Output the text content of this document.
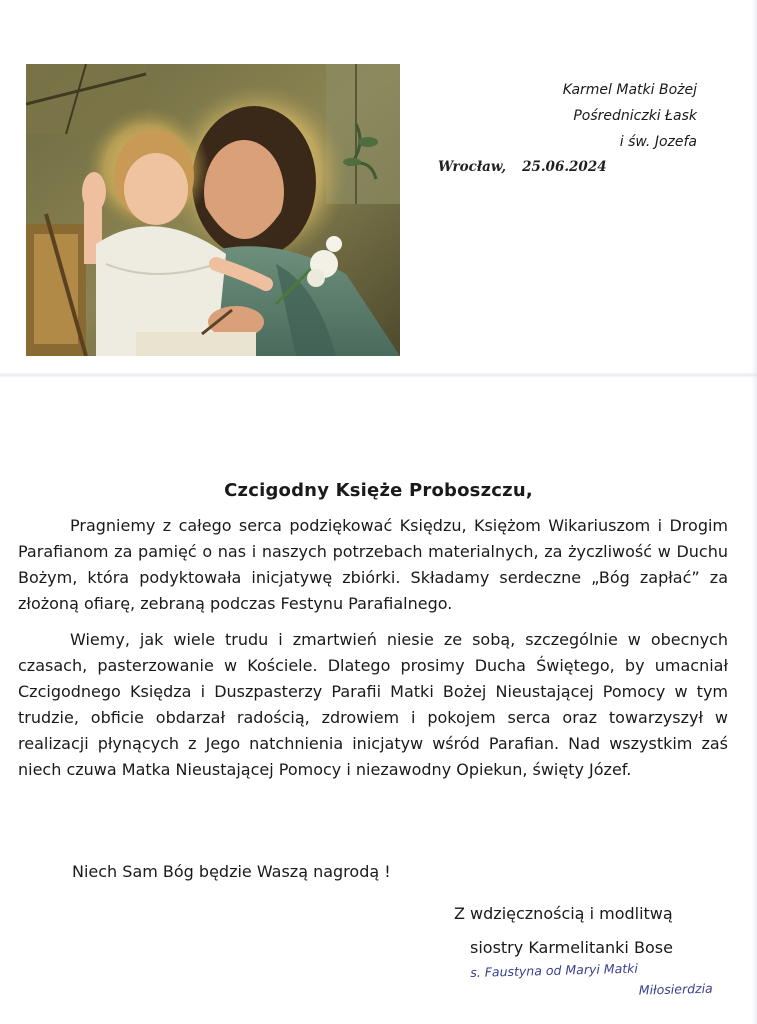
Karmel Matki Bożej
Pośredniczki Łask
i św. Jozefa
Wrocław, 25.06.2024
Czcigodny Księże Proboszczu,

Pragniemy z całego serca podziękować Księdzu, Księżom Wikariuszom i Drogim Parafianom za pamięć o nas i naszych potrzebach materialnych, za życzliwość w Duchu Bożym, która podyktowała inicjatywę zbiórki. Składamy serdeczne „Bóg zapłać” za złożoną ofiarę, zebraną podczas Festynu Parafialnego.

Wiemy, jak wiele trudu i zmartwień niesie ze sobą, szczególnie w obecnych czasach, pasterzowanie w Kościele. Dlatego prosimy Ducha Świętego, by umacniał Czcigodnego Księdza i Duszpasterzy Parafii Matki Bożej Nieustającej Pomocy w tym trudzie, obficie obdarzał radością, zdrowiem i pokojem serca oraz towarzyszył w realizacji płynących z Jego natchnienia inicjatyw wśród Parafian. Nad wszystkim zaś niech czuwa Matka Nieustającej Pomocy i niezawodny Opiekun, święty Józef.

Niech Sam Bóg będzie Waszą nagrodą !
Z wdzięcznością i modlitwą
siostry Karmelitanki Bose
s. Faustyna od Maryi Matki
Miłosierdzia
